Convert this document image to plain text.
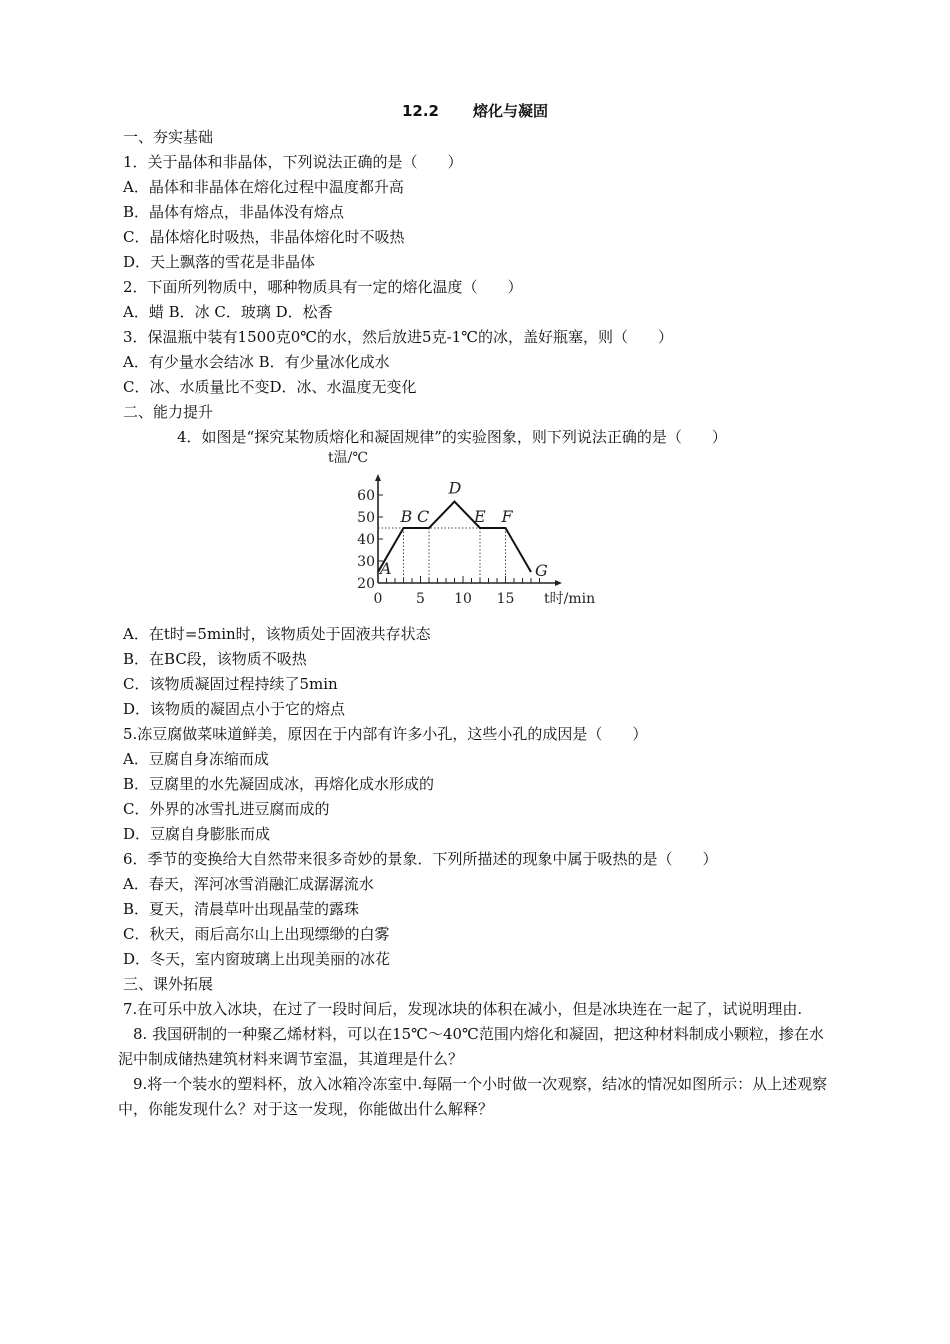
12.2 熔化与凝固
一、夯实基础
1．关于晶体和非晶体，下列说法正确的是（　　）
A．晶体和非晶体在熔化过程中温度都升高
B．晶体有熔点，非晶体没有熔点
C．晶体熔化时吸热，非晶体熔化时不吸热
D．天上飘落的雪花是非晶体
2．下面所列物质中，哪种物质具有一定的熔化温度（　　）
A．蜡 B．冰 C．玻璃 D．松香
3．保温瓶中装有1500克0℃的水，然后放进5克-1℃的冰，盖好瓶塞，则（　　）
A．有少量水会结冰 B．有少量冰化成水
C．冰、水质量比不变D．冰、水温度无变化
二、能力提升
4．如图是“探究某物质熔化和凝固规律”的实验图象，则下列说法正确的是（　　）
20
30
40
50
60
0 5 10 15
t温/℃
t时/min
A
B C
D
E F
G
A．在t时=5min时，该物质处于固液共存状态
B．在BC段，该物质不吸热
C．该物质凝固过程持续了5min
D．该物质的凝固点小于它的熔点
5.冻豆腐做菜味道鲜美，原因在于内部有许多小孔，这些小孔的成因是（　　）
A．豆腐自身冻缩而成
B．豆腐里的水先凝固成冰，再熔化成水形成的
C．外界的冰雪扎进豆腐而成的
D．豆腐自身膨胀而成
6．季节的变换给大自然带来很多奇妙的景象．下列所描述的现象中属于吸热的是（　　）
A．春天，浑河冰雪消融汇成潺潺流水
B．夏天，清晨草叶出现晶莹的露珠
C．秋天，雨后高尔山上出现缥缈的白雾
D．冬天，室内窗玻璃上出现美丽的冰花
三、课外拓展
7.在可乐中放入冰块，在过了一段时间后，发现冰块的体积在减小，但是冰块连在一起了，试说明理由.
　8. 我国研制的一种聚乙烯材料，可以在15℃～40℃范围内熔化和凝固，把这种材料制成小颗粒，掺在水泥中制成储热建筑材料来调节室温，其道理是什么？
　9.将一个装水的塑料杯，放入冰箱冷冻室中.每隔一个小时做一次观察，结冰的情况如图所示：从上述观察中，你能发现什么？对于这一发现，你能做出什么解释？
